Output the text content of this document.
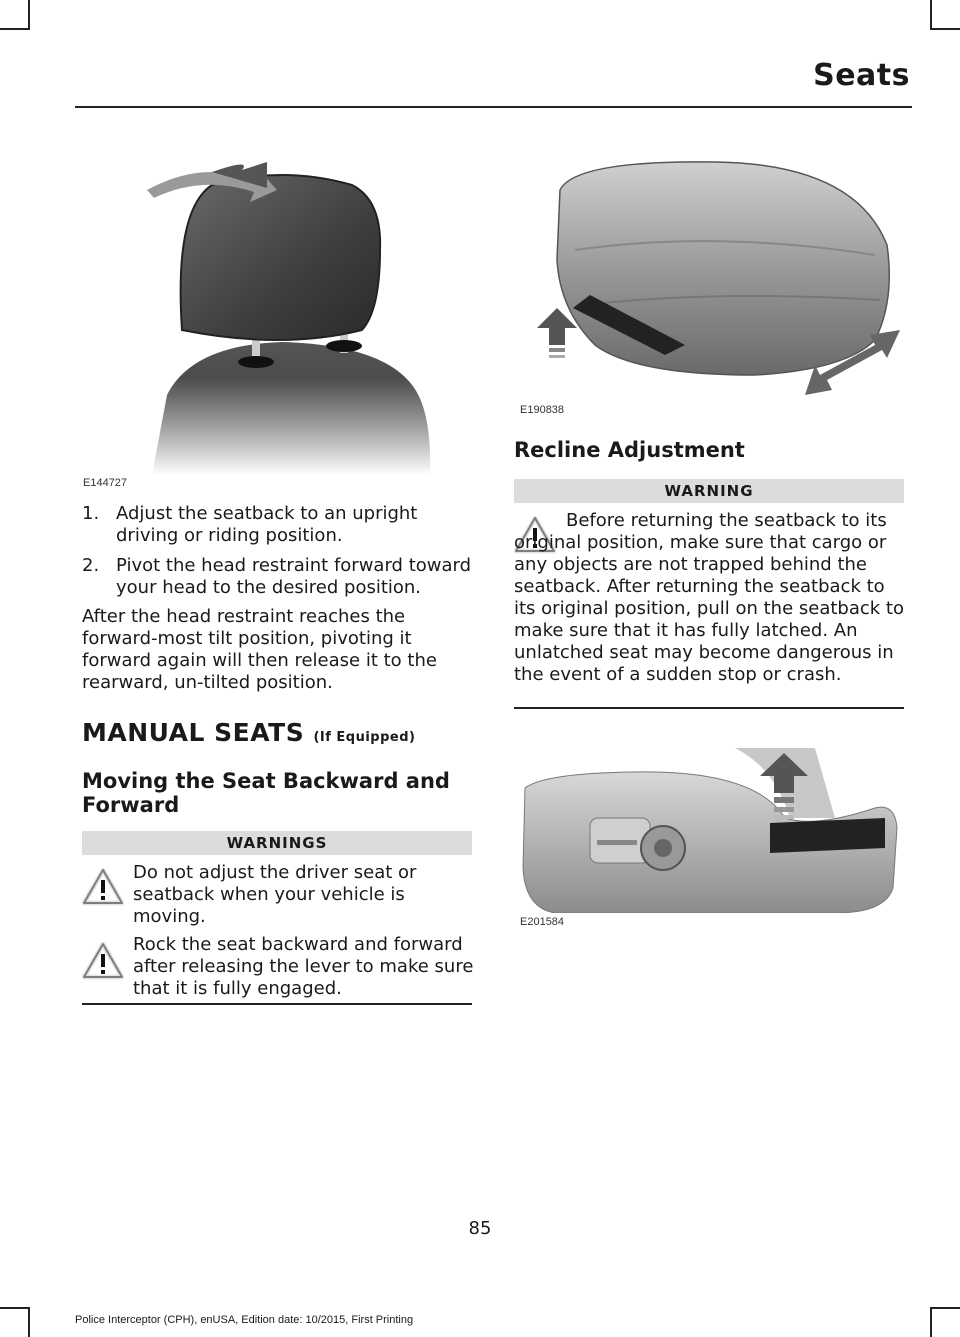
Seats
E144727
1. Adjust the seatback to an upright driving or riding position.
2. Pivot the head restraint forward toward your head to the desired position.

After the head restraint reaches the forward-most tilt position, pivoting it forward again will then release it to the rearward, un-tilted position.

MANUAL SEATS (If Equipped)
Moving the Seat Backward and Forward
WARNINGS

Do not adjust the driver seat or seatback when your vehicle is moving.

Rock the seat backward and forward after releasing the lever to make sure that it is fully engaged.

E190838
Recline Adjustment
WARNING

Before returning the seatback to its original position, make sure that cargo or any objects are not trapped behind the seatback. After returning the seatback to its original position, pull on the seatback to make sure that it has fully latched. An unlatched seat may become dangerous in the event of a sudden stop or crash.

E201584
85
Police Interceptor (CPH), enUSA, Edition date: 10/2015, First Printing
